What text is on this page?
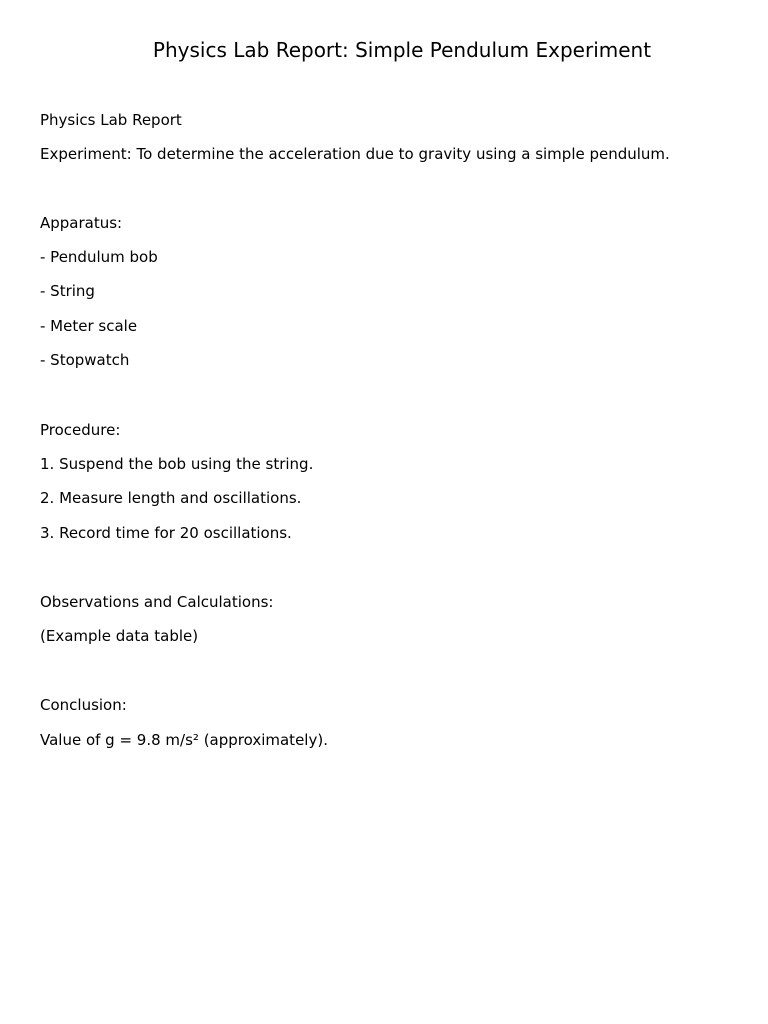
Physics Lab Report: Simple Pendulum Experiment
Physics Lab Report
Experiment: To determine the acceleration due to gravity using a simple pendulum.
Apparatus:
- Pendulum bob
- String
- Meter scale
- Stopwatch
Procedure:
1. Suspend the bob using the string.
2. Measure length and oscillations.
3. Record time for 20 oscillations.
Observations and Calculations:
(Example data table)
Conclusion:
Value of g = 9.8 m/s² (approximately).
